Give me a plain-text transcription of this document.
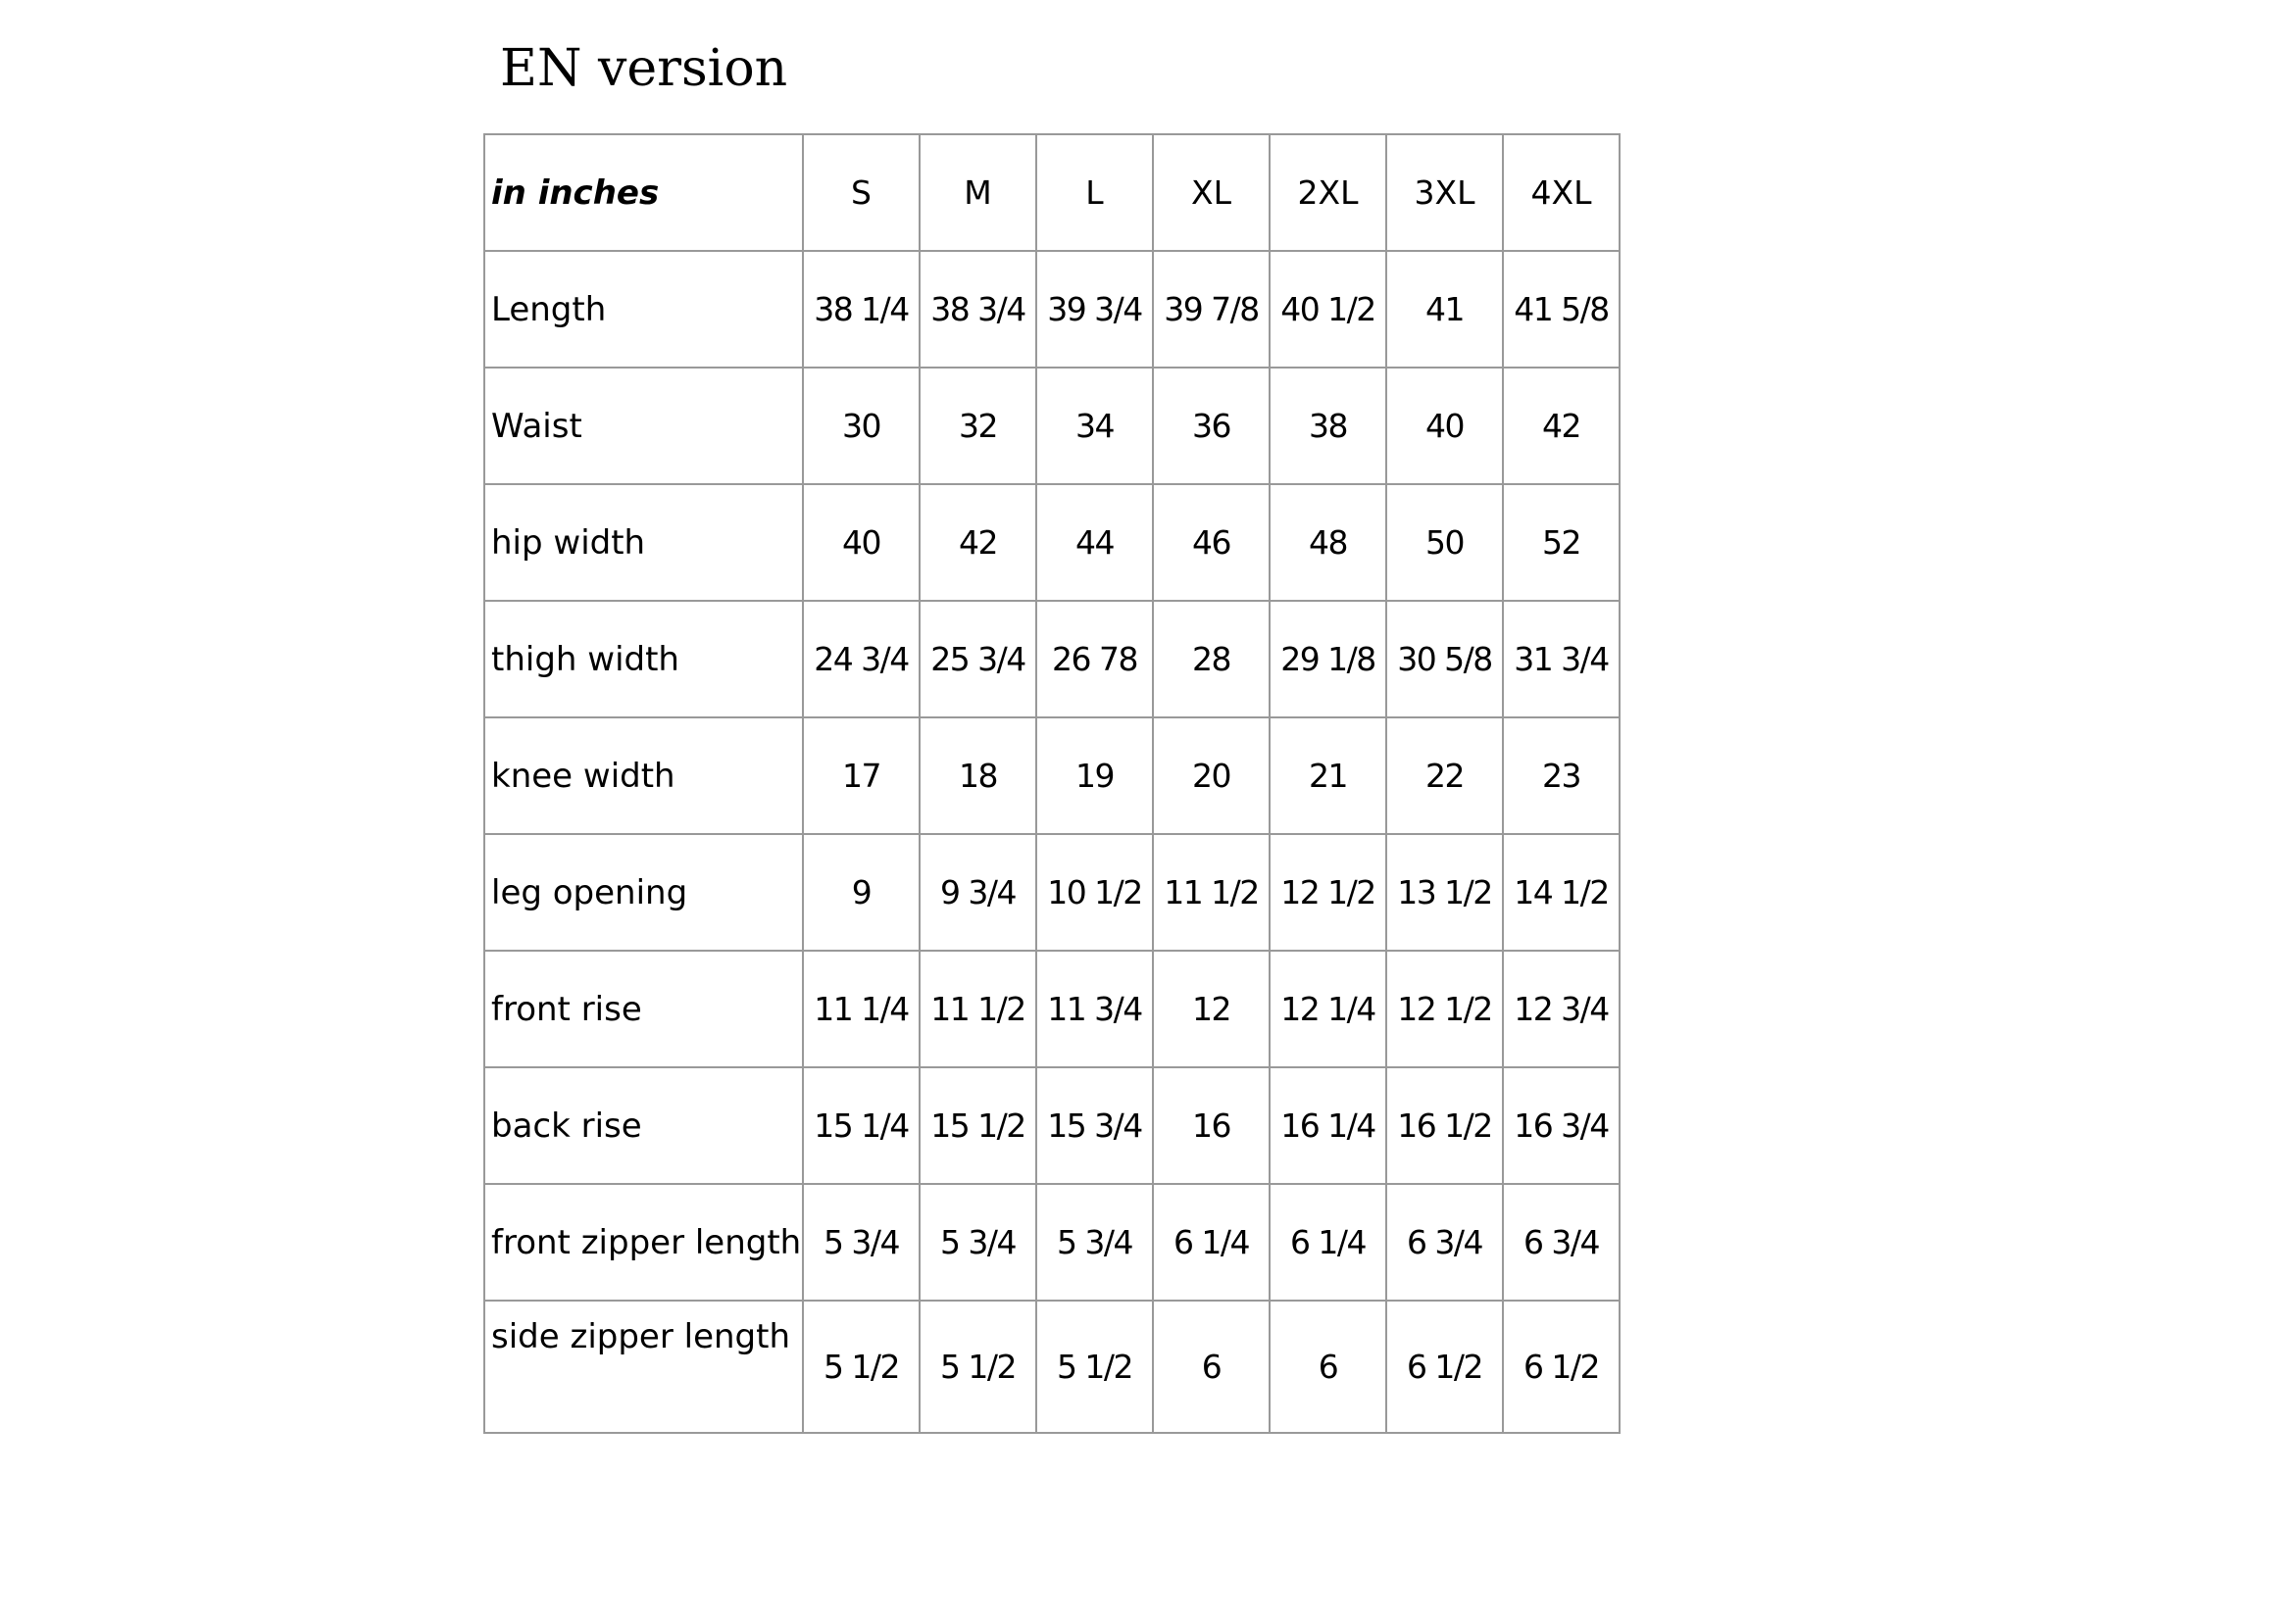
EN version
in inches	S	M	L	XL	2XL	3XL	4XL
Length	38 1/4	38 3/4	39 3/4	39 7/8	40 1/2	41	41 5/8
Waist	30	32	34	36	38	40	42
hip width	40	42	44	46	48	50	52
thigh width	24 3/4	25 3/4	26 78	28	29 1/8	30 5/8	31 3/4
knee width	17	18	19	20	21	22	23
leg opening	9	9 3/4	10 1/2	11 1/2	12 1/2	13 1/2	14 1/2
front rise	11 1/4	11 1/2	11 3/4	12	12 1/4	12 1/2	12 3/4
back rise	15 1/4	15 1/2	15 3/4	16	16 1/4	16 1/2	16 3/4
front zipper length	5 3/4	5 3/4	5 3/4	6 1/4	6 1/4	6 3/4	6 3/4
side zipper length	5 1/2	5 1/2	5 1/2	6	6	6 1/2	6 1/2
